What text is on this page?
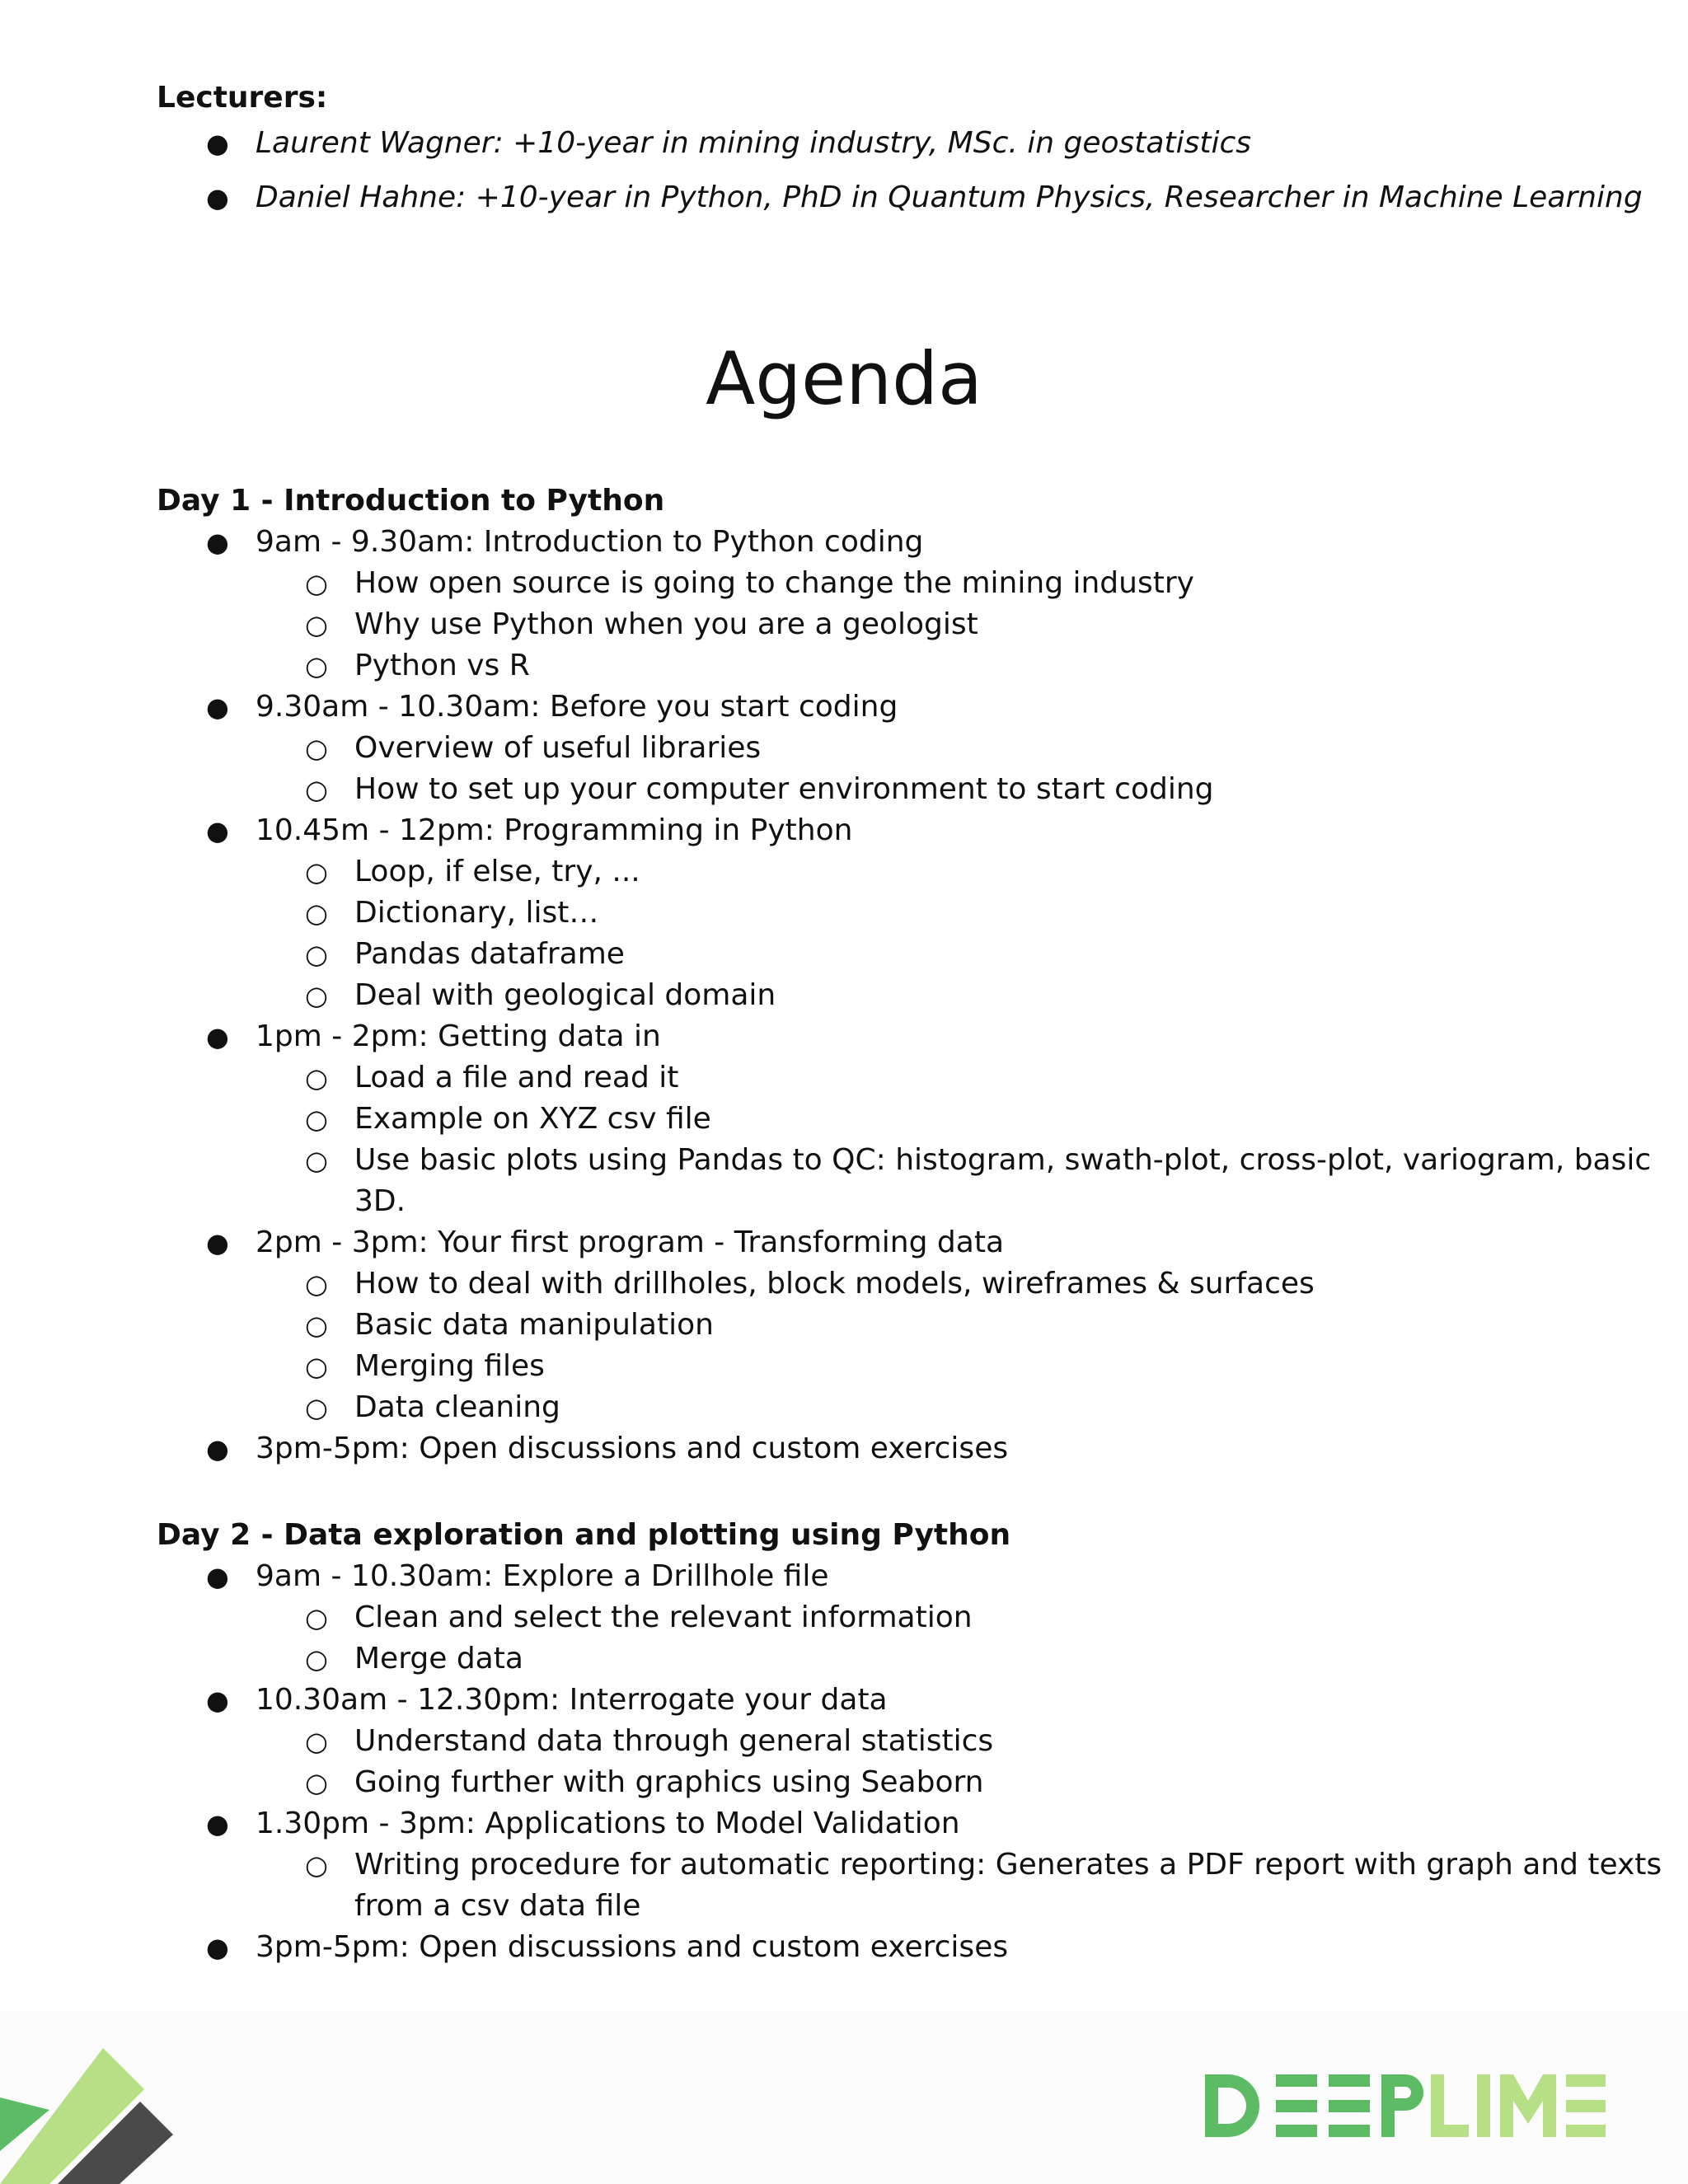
Lecturers:
● Laurent Wagner: +10-year in mining industry, MSc. in geostatistics
● Daniel Hahne: +10-year in Python, PhD in Quantum Physics, Researcher in Machine Learning
Agenda
Day 1 - Introduction to Python
● 9am - 9.30am: Introduction to Python coding
○ How open source is going to change the mining industry
○ Why use Python when you are a geologist
○ Python vs R
● 9.30am - 10.30am: Before you start coding
○ Overview of useful libraries
○ How to set up your computer environment to start coding
● 10.45m - 12pm: Programming in Python
○ Loop, if else, try, ...
○ Dictionary, list…
○ Pandas dataframe
○ Deal with geological domain
● 1pm - 2pm: Getting data in
○ Load a file and read it
○ Example on XYZ csv file
○ Use basic plots using Pandas to QC: histogram, swath-plot, cross-plot, variogram, basic 3D.
● 2pm - 3pm: Your first program - Transforming data
○ How to deal with drillholes, block models, wireframes & surfaces
○ Basic data manipulation
○ Merging files
○ Data cleaning
● 3pm-5pm: Open discussions and custom exercises
Day 2 - Data exploration and plotting using Python
● 9am - 10.30am: Explore a Drillhole file
○ Clean and select the relevant information
○ Merge data
● 10.30am - 12.30pm: Interrogate your data
○ Understand data through general statistics
○ Going further with graphics using Seaborn
● 1.30pm - 3pm: Applications to Model Validation
○ Writing procedure for automatic reporting: Generates a PDF report with graph and texts from a csv data file
● 3pm-5pm: Open discussions and custom exercises
